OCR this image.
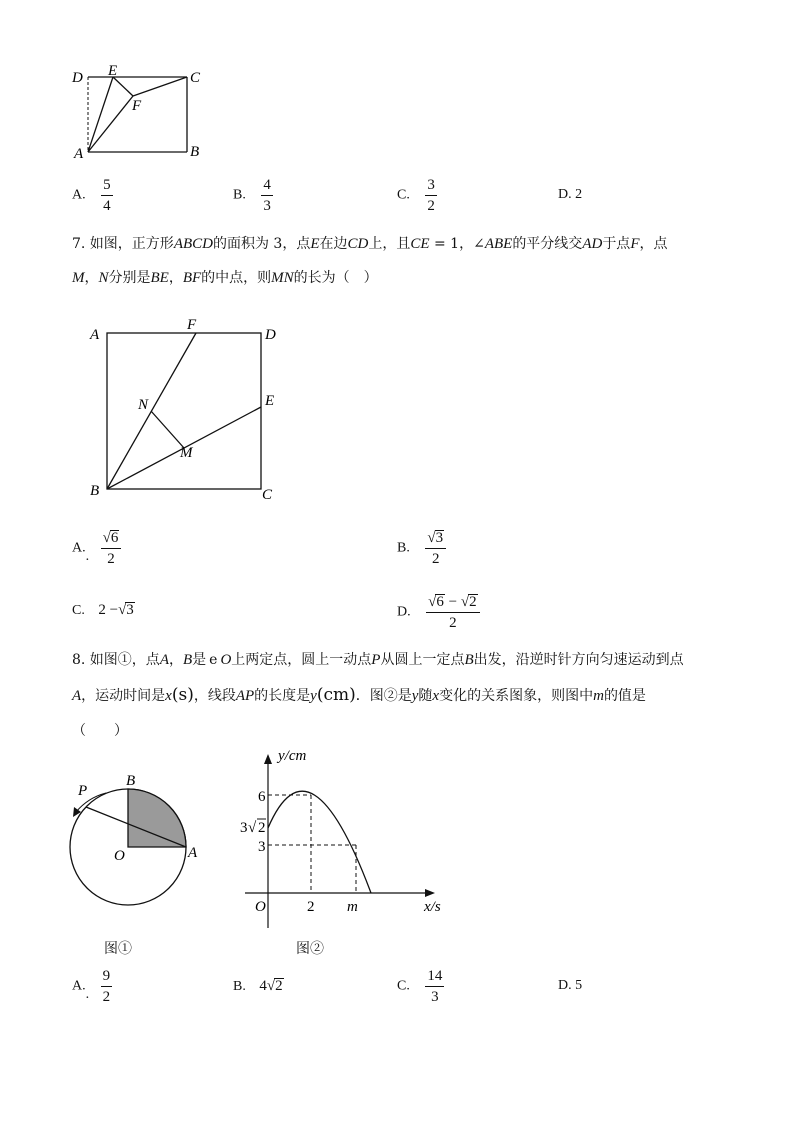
D E	C
F
A	B
A. $\frac{5}{4}$	B. $\frac{4}{3}$	C. $\frac{3}{2}$	D. 2
7. 如图，正方形ABCD的面积为 3，点E在边CD上，且CE = 1，∠ABE的平分线交AD于点F，点
M，N分别是BE，BF的中点，则MN的长为（　）
A
F
D
N	E
M
B	C
A.. $\frac{√6}{2}$	B. $\frac{√3}{2}$
C. 2 −√3	D. $\frac{√6 - √2}{2}$
8. 如图①，点A，B是 e O上两定点，圆上一动点P从圆上一定点B出发，沿逆时针方向匀速运动到点
A，运动时间是x(s)，线段AP的长度是y(cm)．图②是y随x变化的关系图象，则图中m的值是
（　　）
P
B
O	A
图①
y/cm
6
3 √ 2
3
O	2 m	x/s
图②
A.. $\frac{9}{2}$	B. 4√2	C. $\frac{14}{3}$	D. 5
